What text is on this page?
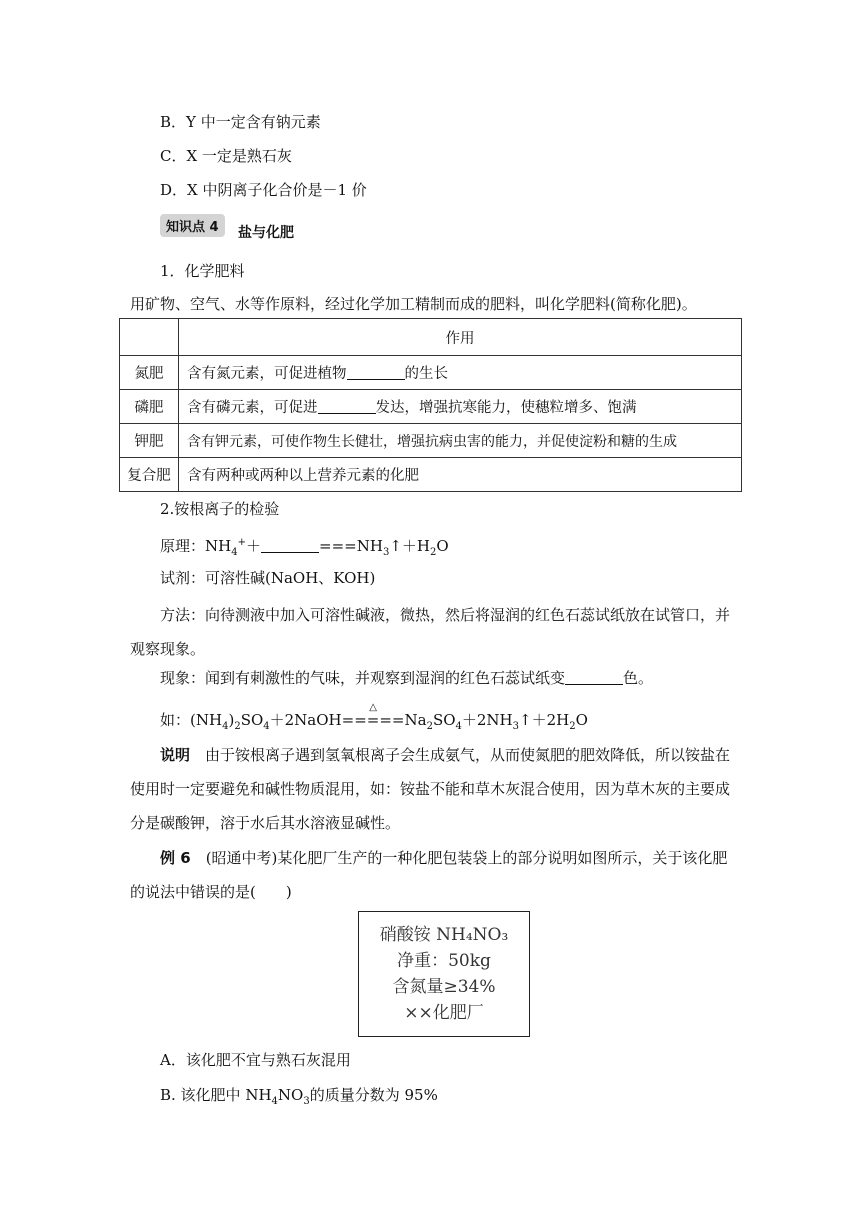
B．Y 中一定含有钠元素
C．X 一定是熟石灰
D．X 中阴离子化合价是－1 价
知识点 4	盐与化肥
1．化学肥料
用矿物、空气、水等作原料，经过化学加工精制而成的肥料，叫化学肥料(简称化肥)。
	作用
氮肥	含有氮元素，可促进植物 的生长
磷肥	含有磷元素，可促进 发达，增强抗寒能力，使穗粒增多、饱满
钾肥	含有钾元素，可使作物生长健壮，增强抗病虫害的能力，并促使淀粉和糖的生成
复合肥	含有两种或两种以上营养元素的化肥
2.铵根离子的检验
原理：$NH_4^++$	$===NH_3↑+H_2O$
试剂：可溶性碱(NaOH、KOH)
方法：向待测液中加入可溶性碱液，微热，然后将湿润的红色石蕊试纸放在试管口，并观察现象。
现象：闻到有刺激性的气味，并观察到湿润的红色石蕊试纸变	色。
如：$(NH_4)_2SO_4+2NaOH$
△
$=====Na_2SO_4+2NH_3↑+2H_2O$
说明　 由于铵根离子遇到氢氧根离子会生成氨气，从而使氮肥的肥效降低，所以铵盐在使用时一定要避免和碱性物质混用，如：铵盐不能和草木灰混合使用，因为草木灰的主要成分是碳酸钾，溶于水后其水溶液显碱性。
例 6　 (昭通中考)某化肥厂生产的一种化肥包装袋上的部分说明如图所示，关于该化肥的说法中错误的是(　　)
硝酸铵 NH₄NO₃
净重：50kg
含氮量≥34%
××化肥厂
A．该化肥不宜与熟石灰混用
B. 该化肥中 $NH_4NO_3$的质量分数为 95%
